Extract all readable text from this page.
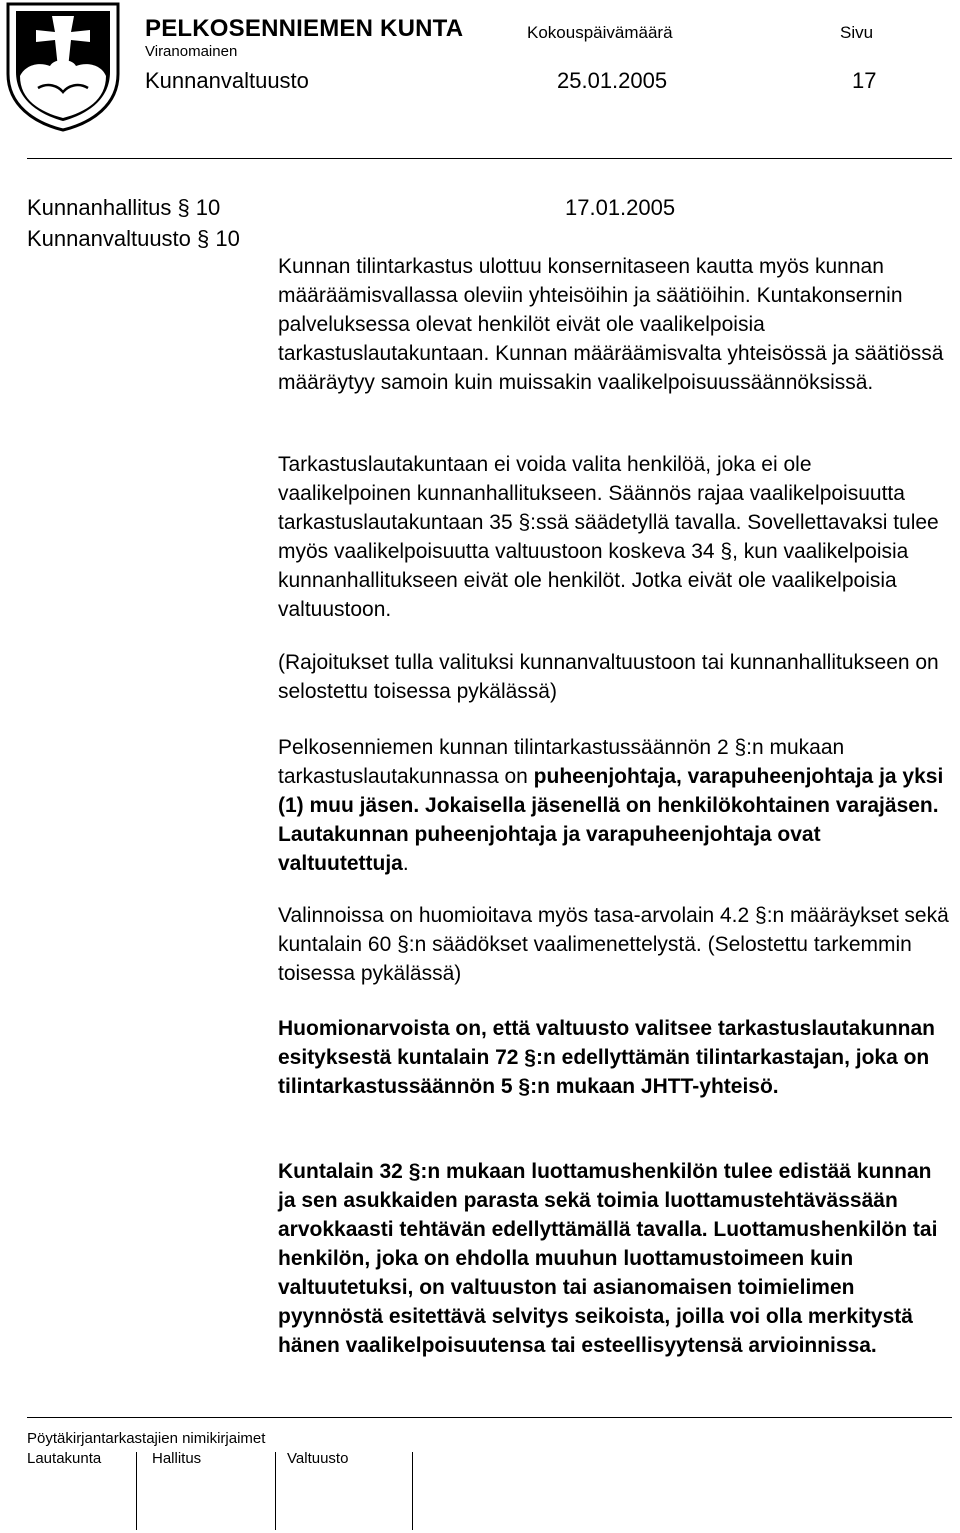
PELKOSENNIEMEN KUNTA
Viranomainen
Kokouspäivämäärä	Sivu
Kunnanvaltuusto	25.01.2005	17
Kunnanhallitus § 10	17.01.2005
Kunnanvaltuusto § 10

Kunnan tilintarkastus ulottuu konsernitaseen kautta myös kunnan määräämisvallassa oleviin yhteisöihin ja säätiöihin. Kuntakonsernin palveluksessa olevat henkilöt eivät ole vaalikelpoisia tarkastuslautakuntaan. Kunnan määräämisvalta yhteisössä ja säätiössä määräytyy samoin kuin muissakin vaalikelpoisuussäännöksissä.

Tarkastuslautakuntaan ei voida valita henkilöä, joka ei ole vaalikelpoinen kunnanhallitukseen. Säännös rajaa vaalikelpoisuutta tarkastuslautakuntaan 35 §:ssä säädetyllä tavalla. Sovellettavaksi tulee myös vaalikelpoisuutta valtuustoon koskeva 34 §, kun vaalikelpoisia kunnanhallitukseen eivät ole henkilöt. Jotka eivät ole vaalikelpoisia valtuustoon.

(Rajoitukset tulla valituksi kunnanvaltuustoon tai kunnanhallitukseen on selostettu toisessa pykälässä)

Pelkosenniemen kunnan tilintarkastussäännön 2 §:n mukaan tarkastuslautakunnassa on puheenjohtaja, varapuheenjohtaja ja yksi (1) muu jäsen. Jokaisella jäsenellä on henkilökohtainen varajäsen. Lautakunnan puheenjohtaja ja varapuheenjohtaja ovat valtuutettuja.

Valinnoissa on huomioitava myös tasa-arvolain 4.2 §:n määräykset sekä kuntalain 60 §:n säädökset vaalimenettelystä. (Selostettu tarkemmin toisessa pykälässä)

Huomionarvoista on, että valtuusto valitsee tarkastuslautakunnan esityksestä kuntalain 72 §:n edellyttämän tilintarkastajan, joka on tilintarkastussäännön 5 §:n mukaan JHTT-yhteisö.

Kuntalain 32 §:n mukaan luottamushenkilön tulee edistää kunnan ja sen asukkaiden parasta sekä toimia luottamustehtävässään arvokkaasti tehtävän edellyttämällä tavalla. Luottamushenkilön tai henkilön, joka on ehdolla muuhun luottamustoimeen kuin valtuutetuksi, on valtuuston tai asianomaisen toimielimen pyynnöstä esitettävä selvitys seikoista, joilla voi olla merkitystä hänen vaalikelpoisuutensa tai esteellisyytensä arvioinnissa.

Pöytäkirjantarkastajien nimikirjaimet
Lautakunta	Hallitus	Valtuusto
